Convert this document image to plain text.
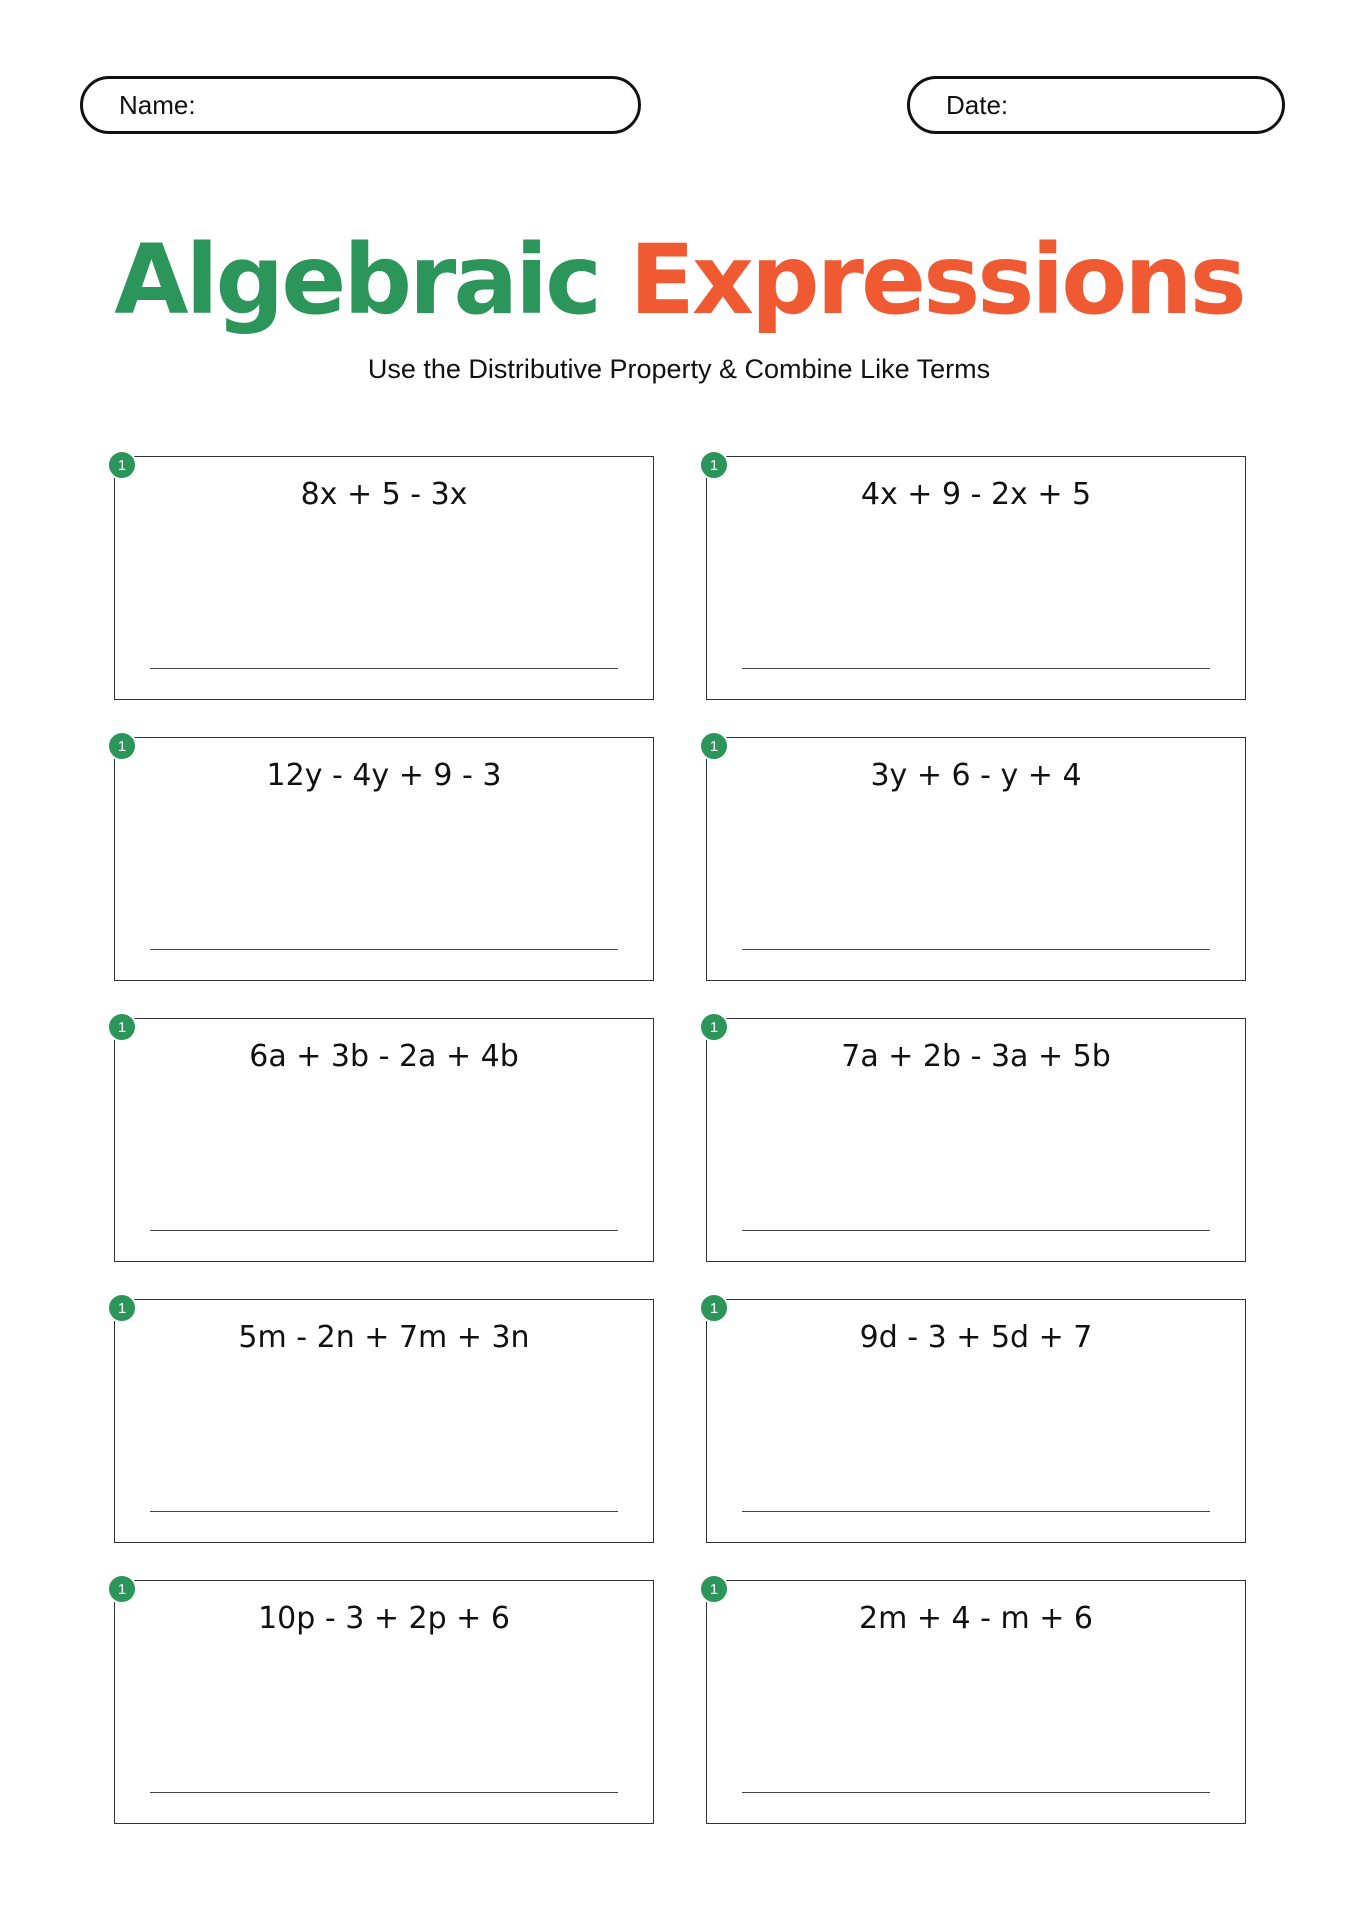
Name:	Date:
Algebraic Expressions
Use the Distributive Property & Combine Like Terms
8x + 5 - 3x
1
4x + 9 - 2x + 5
1
12y - 4y + 9 - 3
1
3y + 6 - y + 4
1
6a + 3b - 2a + 4b
1
7a + 2b - 3a + 5b
1
5m - 2n + 7m + 3n
1
9d - 3 + 5d + 7
1
10p - 3 + 2p + 6
1
2m + 4 - m + 6
1
